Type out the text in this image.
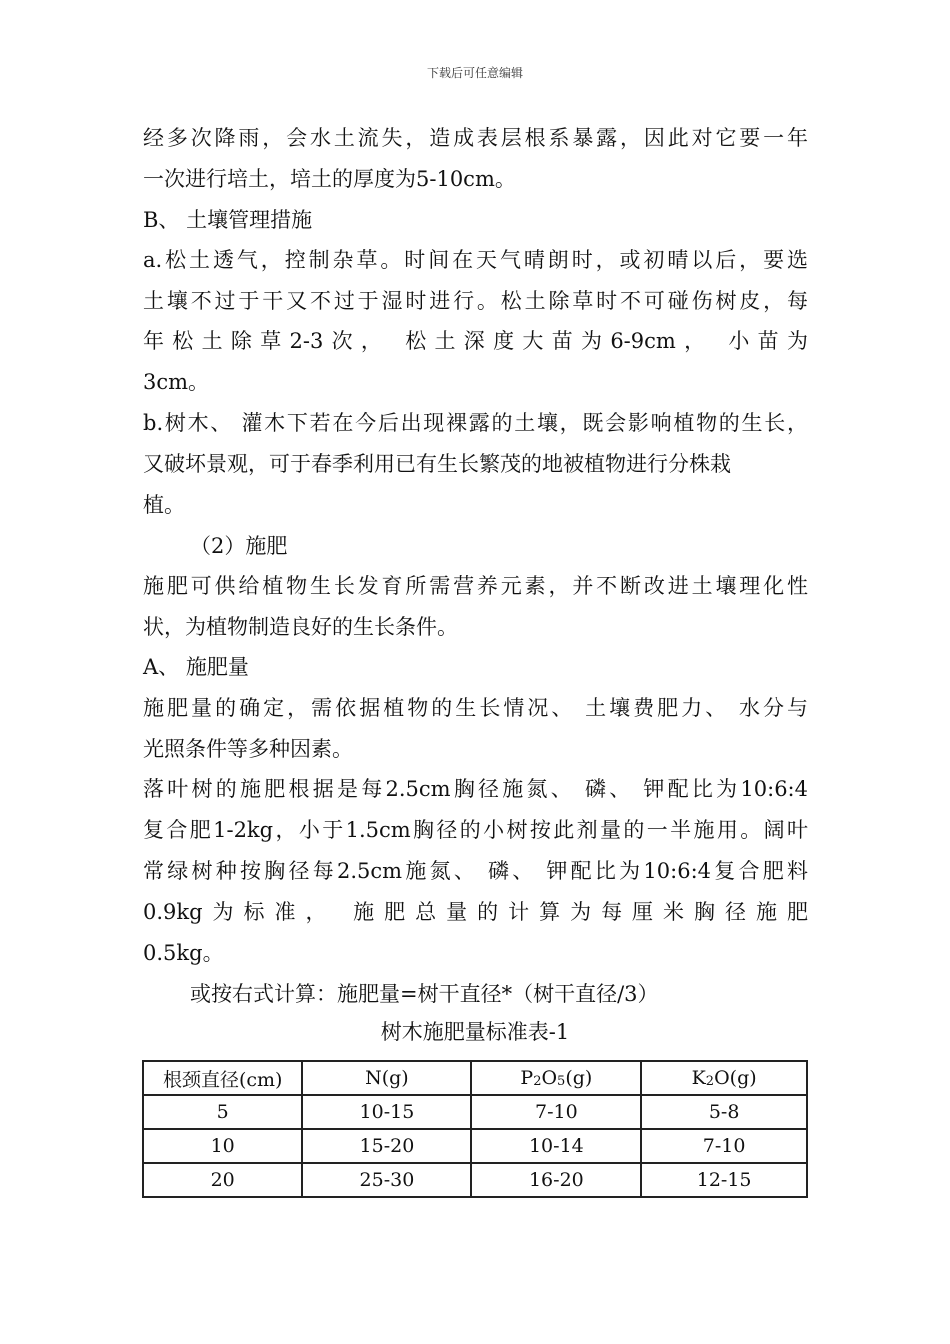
下载后可任意编辑
经多次降雨，会水土流失，造成表层根系暴露，因此对它要一年
一次进行培土，培土的厚度为5-10cm。
B、 土壤管理措施
a.松土透气，控制杂草。时间在天气晴朗时，或初晴以后，要选
土壤不过于干又不过于湿时进行。松土除草时不可碰伤树皮，每
年松土除草2-3次， 松土深度大苗为6-9cm， 小苗为
3cm。
b.树木、 灌木下若在今后出现裸露的土壤，既会影响植物的生长，
又破坏景观，可于春季利用已有生长繁茂的地被植物进行分株栽
植。
（2）施肥
施肥可供给植物生长发育所需营养元素，并不断改进土壤理化性
状，为植物制造良好的生长条件。
A、 施肥量
施肥量的确定，需依据植物的生长情况、 土壤费肥力、 水分与
光照条件等多种因素。
落叶树的施肥根据是每2.5cm胸径施氮、 磷、 钾配比为10:6:4
复合肥1-2kg，小于1.5cm胸径的小树按此剂量的一半施用。阔叶
常绿树种按胸径每2.5cm施氮、 磷、 钾配比为10:6:4复合肥料
0.9kg为标准， 施肥总量的计算为每厘米胸径施肥
0.5kg。
或按右式计算：施肥量=树干直径*（树干直径/3）
树木施肥量标准表-1
根颈直径(cm)	N(g)	$P_2O_5(g)$	$K_2O(g)$
5	10-15	7-10	5-8
10	15-20	10-14	7-10
20	25-30	16-20	12-15
